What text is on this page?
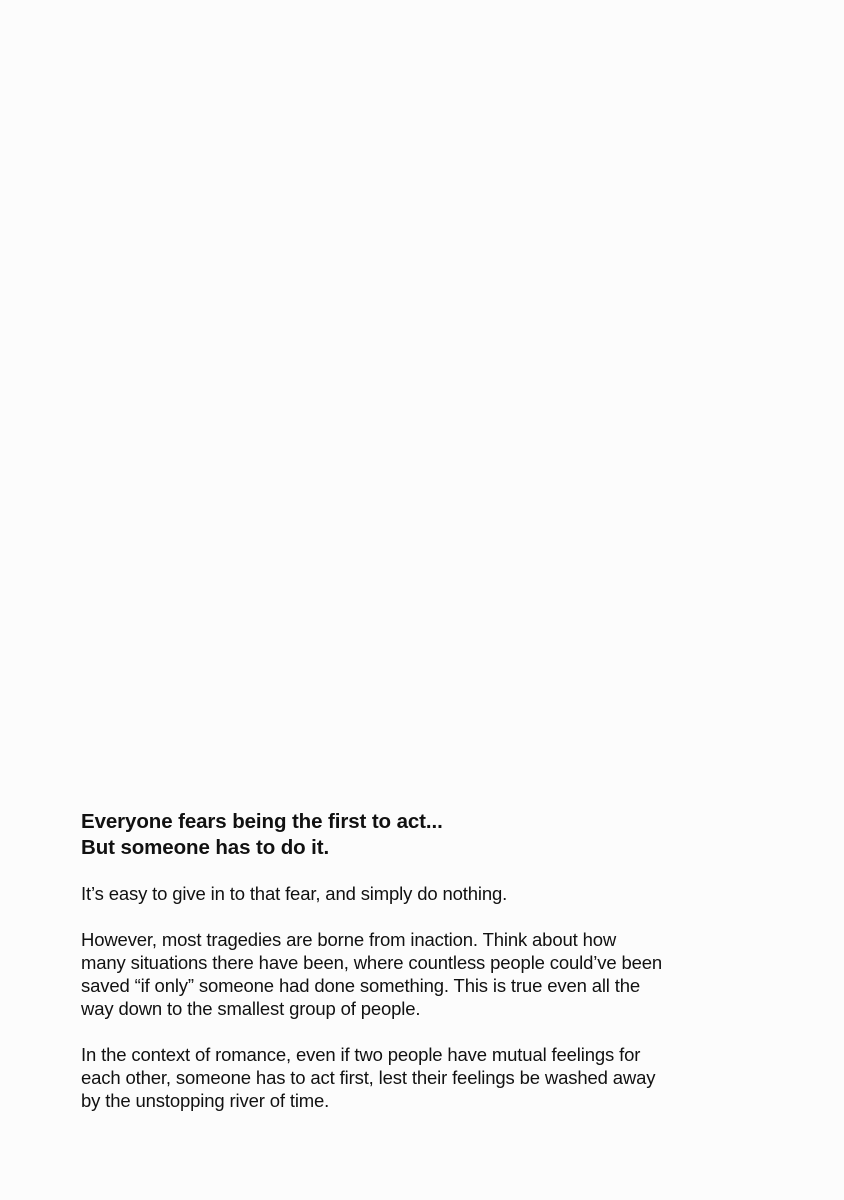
Everyone fears being the first to act...
But someone has to do it.

It’s easy to give in to that fear, and simply do nothing.

However, most tragedies are borne from inaction. Think about how
many situations there have been, where countless people could’ve been
saved “if only” someone had done something. This is true even all the
way down to the smallest group of people.

In the context of romance, even if two people have mutual feelings for
each other, someone has to act first, lest their feelings be washed away
by the unstopping river of time.
